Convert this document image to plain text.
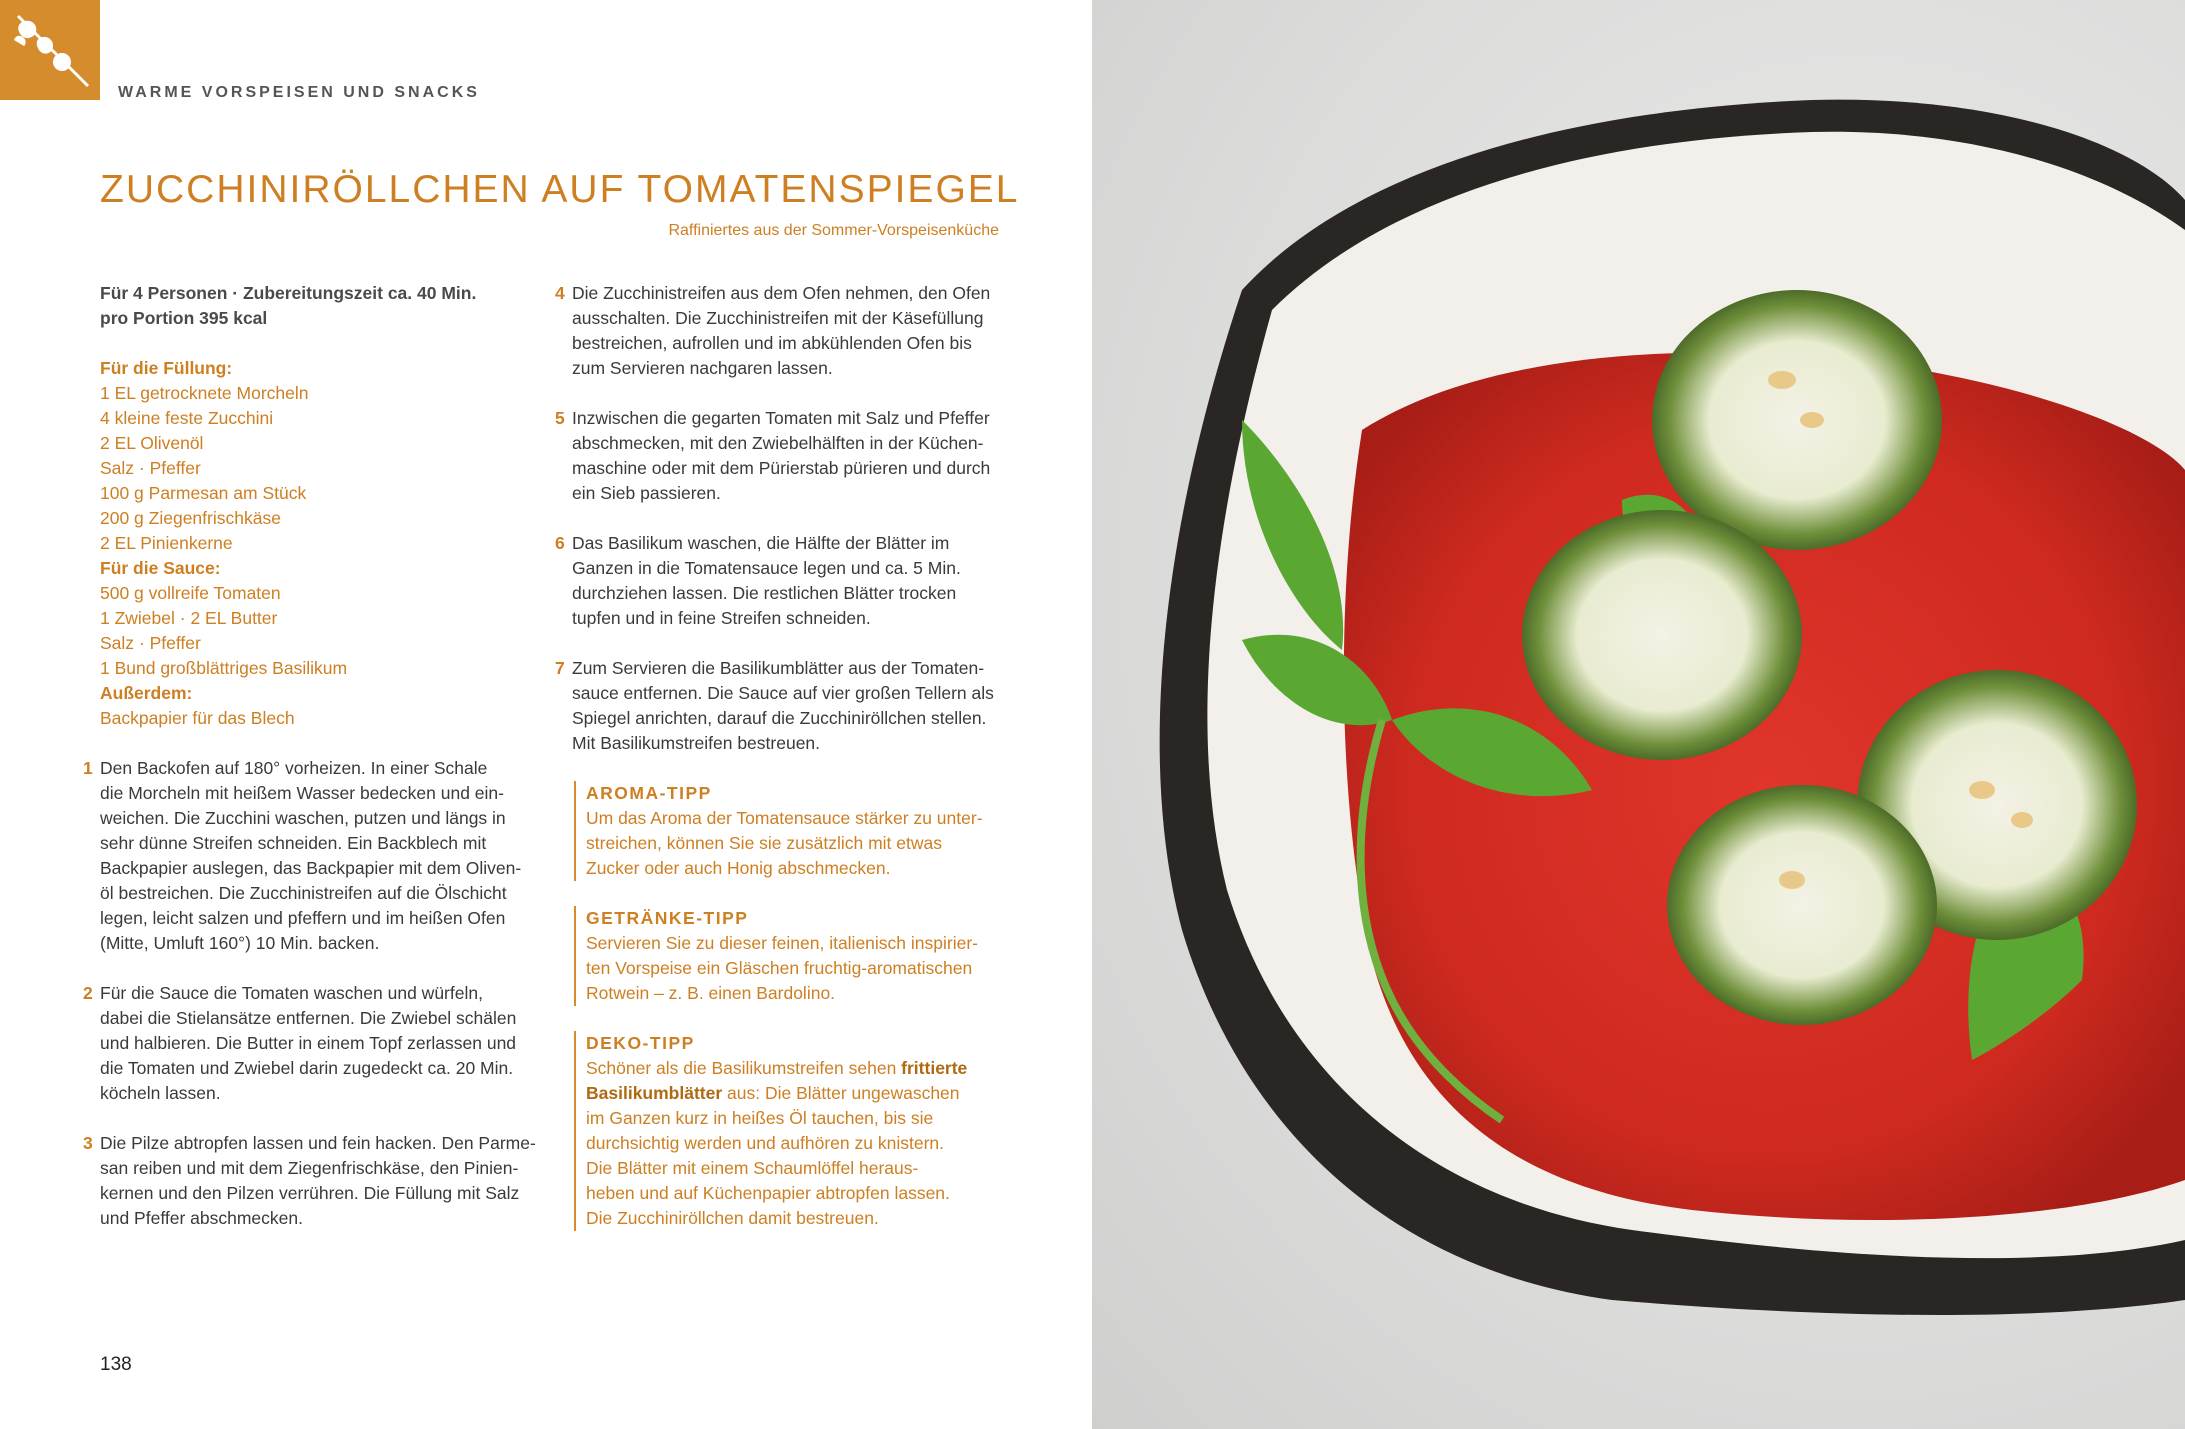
WARME VORSPEISEN UND SNACKS
ZUCCHINIRÖLLCHEN AUF TOMATENSPIEGEL
Raffiniertes aus der Sommer-Vorspeisenküche
Für 4 Personen · Zubereitungszeit ca. 40 Min.
pro Portion 395 kcal
Für die Füllung:
1 EL getrocknete Morcheln
4 kleine feste Zucchini
2 EL Olivenöl
Salz · Pfeffer
100 g Parmesan am Stück
200 g Ziegenfrischkäse
2 EL Pinienkerne
Für die Sauce:
500 g vollreife Tomaten
1 Zwiebel · 2 EL Butter
Salz · Pfeffer
1 Bund großblättriges Basilikum
Außerdem:
Backpapier für das Blech
1 Den Backofen auf 180° vorheizen. In einer Schale
die Morcheln mit heißem Wasser bedecken und ein-
weichen. Die Zucchini waschen, putzen und längs in
sehr dünne Streifen schneiden. Ein Backblech mit
Backpapier auslegen, das Backpapier mit dem Oliven-
öl bestreichen. Die Zucchinistreifen auf die Ölschicht
legen, leicht salzen und pfeffern und im heißen Ofen
(Mitte, Umluft 160°) 10 Min. backen.
2 Für die Sauce die Tomaten waschen und würfeln,
dabei die Stielansätze entfernen. Die Zwiebel schälen
und halbieren. Die Butter in einem Topf zerlassen und
die Tomaten und Zwiebel darin zugedeckt ca. 20 Min.
köcheln lassen.
3 Die Pilze abtropfen lassen und fein hacken. Den Parme-
san reiben und mit dem Ziegenfrischkäse, den Pinien-
kernen und den Pilzen verrühren. Die Füllung mit Salz
und Pfeffer abschmecken.
4 Die Zucchinistreifen aus dem Ofen nehmen, den Ofen
ausschalten. Die Zucchinistreifen mit der Käsefüllung
bestreichen, aufrollen und im abkühlenden Ofen bis
zum Servieren nachgaren lassen.
5 Inzwischen die gegarten Tomaten mit Salz und Pfeffer
abschmecken, mit den Zwiebelhälften in der Küchen-
maschine oder mit dem Pürierstab pürieren und durch
ein Sieb passieren.
6 Das Basilikum waschen, die Hälfte der Blätter im
Ganzen in die Tomatensauce legen und ca. 5 Min.
durchziehen lassen. Die restlichen Blätter trocken
tupfen und in feine Streifen schneiden.
7 Zum Servieren die Basilikumblätter aus der Tomaten-
sauce entfernen. Die Sauce auf vier großen Tellern als
Spiegel anrichten, darauf die Zucchiniröllchen stellen.
Mit Basilikumstreifen bestreuen.
AROMA-TIPP
Um das Aroma der Tomatensauce stärker zu unter-
streichen, können Sie sie zusätzlich mit etwas
Zucker oder auch Honig abschmecken.
GETRÄNKE-TIPP
Servieren Sie zu dieser feinen, italienisch inspirier-
ten Vorspeise ein Gläschen fruchtig-aromatischen
Rotwein – z. B. einen Bardolino.
DEKO-TIPP
Schöner als die Basilikumstreifen sehen frittierte
Basilikumblätter aus: Die Blätter ungewaschen
im Ganzen kurz in heißes Öl tauchen, bis sie
durchsichtig werden und aufhören zu knistern.
Die Blätter mit einem Schaumlöffel heraus-
heben und auf Küchenpapier abtropfen lassen.
Die Zucchiniröllchen damit bestreuen.
138
